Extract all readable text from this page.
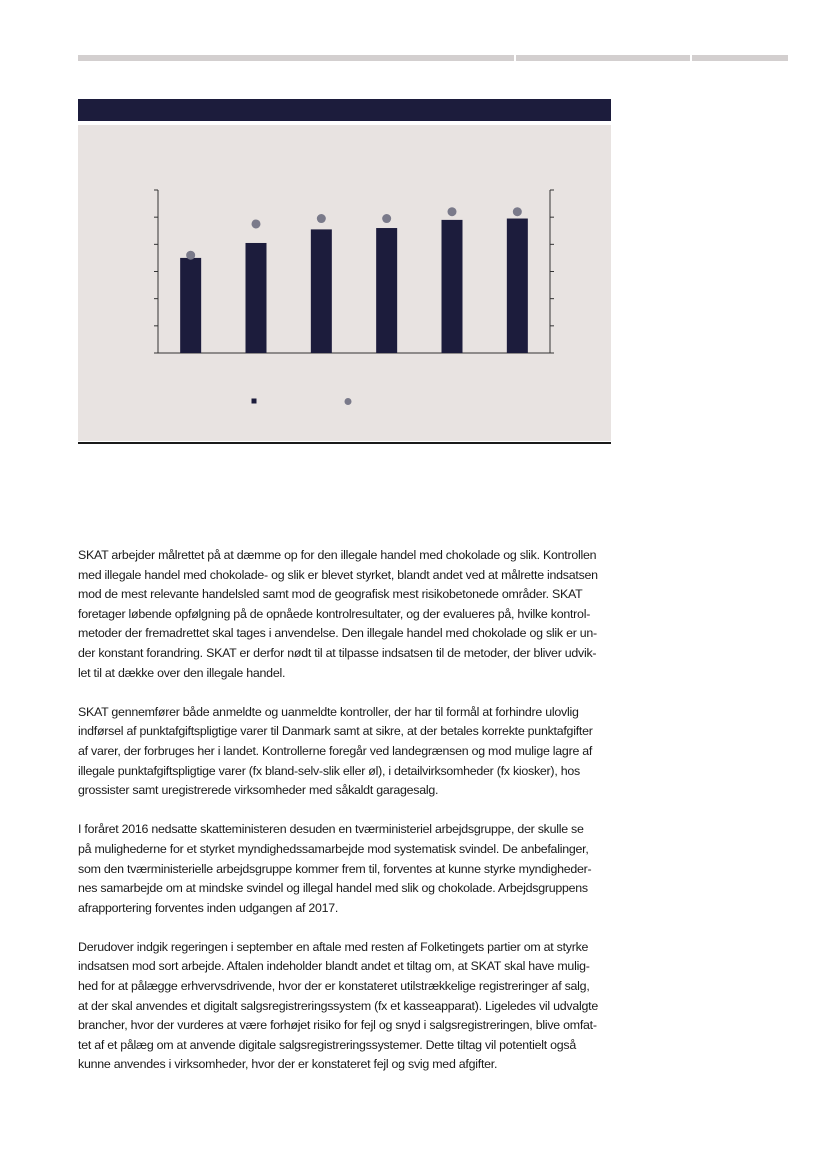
SKAT arbejder målrettet på at dæmme op for den illegale handel med chokolade og slik. Kontrollen
med illegale handel med chokolade- og slik er blevet styrket, blandt andet ved at målrette indsatsen
mod de mest relevante handelsled samt mod de geografisk mest risikobetonede områder. SKAT
foretager løbende opfølgning på de opnåede kontrolresultater, og der evalueres på, hvilke kontrol-
metoder der fremadrettet skal tages i anvendelse. Den illegale handel med chokolade og slik er un-
der konstant forandring. SKAT er derfor nødt til at tilpasse indsatsen til de metoder, der bliver udvik-
let til at dække over den illegale handel.

SKAT gennemfører både anmeldte og uanmeldte kontroller, der har til formål at forhindre ulovlig
indførsel af punktafgiftspligtige varer til Danmark samt at sikre, at der betales korrekte punktafgifter
af varer, der forbruges her i landet. Kontrollerne foregår ved landegrænsen og mod mulige lagre af
illegale punktafgiftspligtige varer (fx bland-selv-slik eller øl), i detailvirksomheder (fx kiosker), hos
grossister samt uregistrerede virksomheder med såkaldt garagesalg.

I foråret 2016 nedsatte skatteministeren desuden en tværministeriel arbejdsgruppe, der skulle se
på mulighederne for et styrket myndighedssamarbejde mod systematisk svindel. De anbefalinger,
som den tværministerielle arbejdsgruppe kommer frem til, forventes at kunne styrke myndigheder-
nes samarbejde om at mindske svindel og illegal handel med slik og chokolade. Arbejdsgruppens
afrapportering forventes inden udgangen af 2017.

Derudover indgik regeringen i september en aftale med resten af Folketingets partier om at styrke
indsatsen mod sort arbejde. Aftalen indeholder blandt andet et tiltag om, at SKAT skal have mulig-
hed for at pålægge erhvervsdrivende, hvor der er konstateret utilstrækkelige registreringer af salg,
at der skal anvendes et digitalt salgsregistreringssystem (fx et kasseapparat). Ligeledes vil udvalgte
brancher, hvor der vurderes at være forhøjet risiko for fejl og snyd i salgsregistreringen, blive omfat-
tet af et pålæg om at anvende digitale salgsregistreringssystemer. Dette tiltag vil potentielt også
kunne anvendes i virksomheder, hvor der er konstateret fejl og svig med afgifter.
